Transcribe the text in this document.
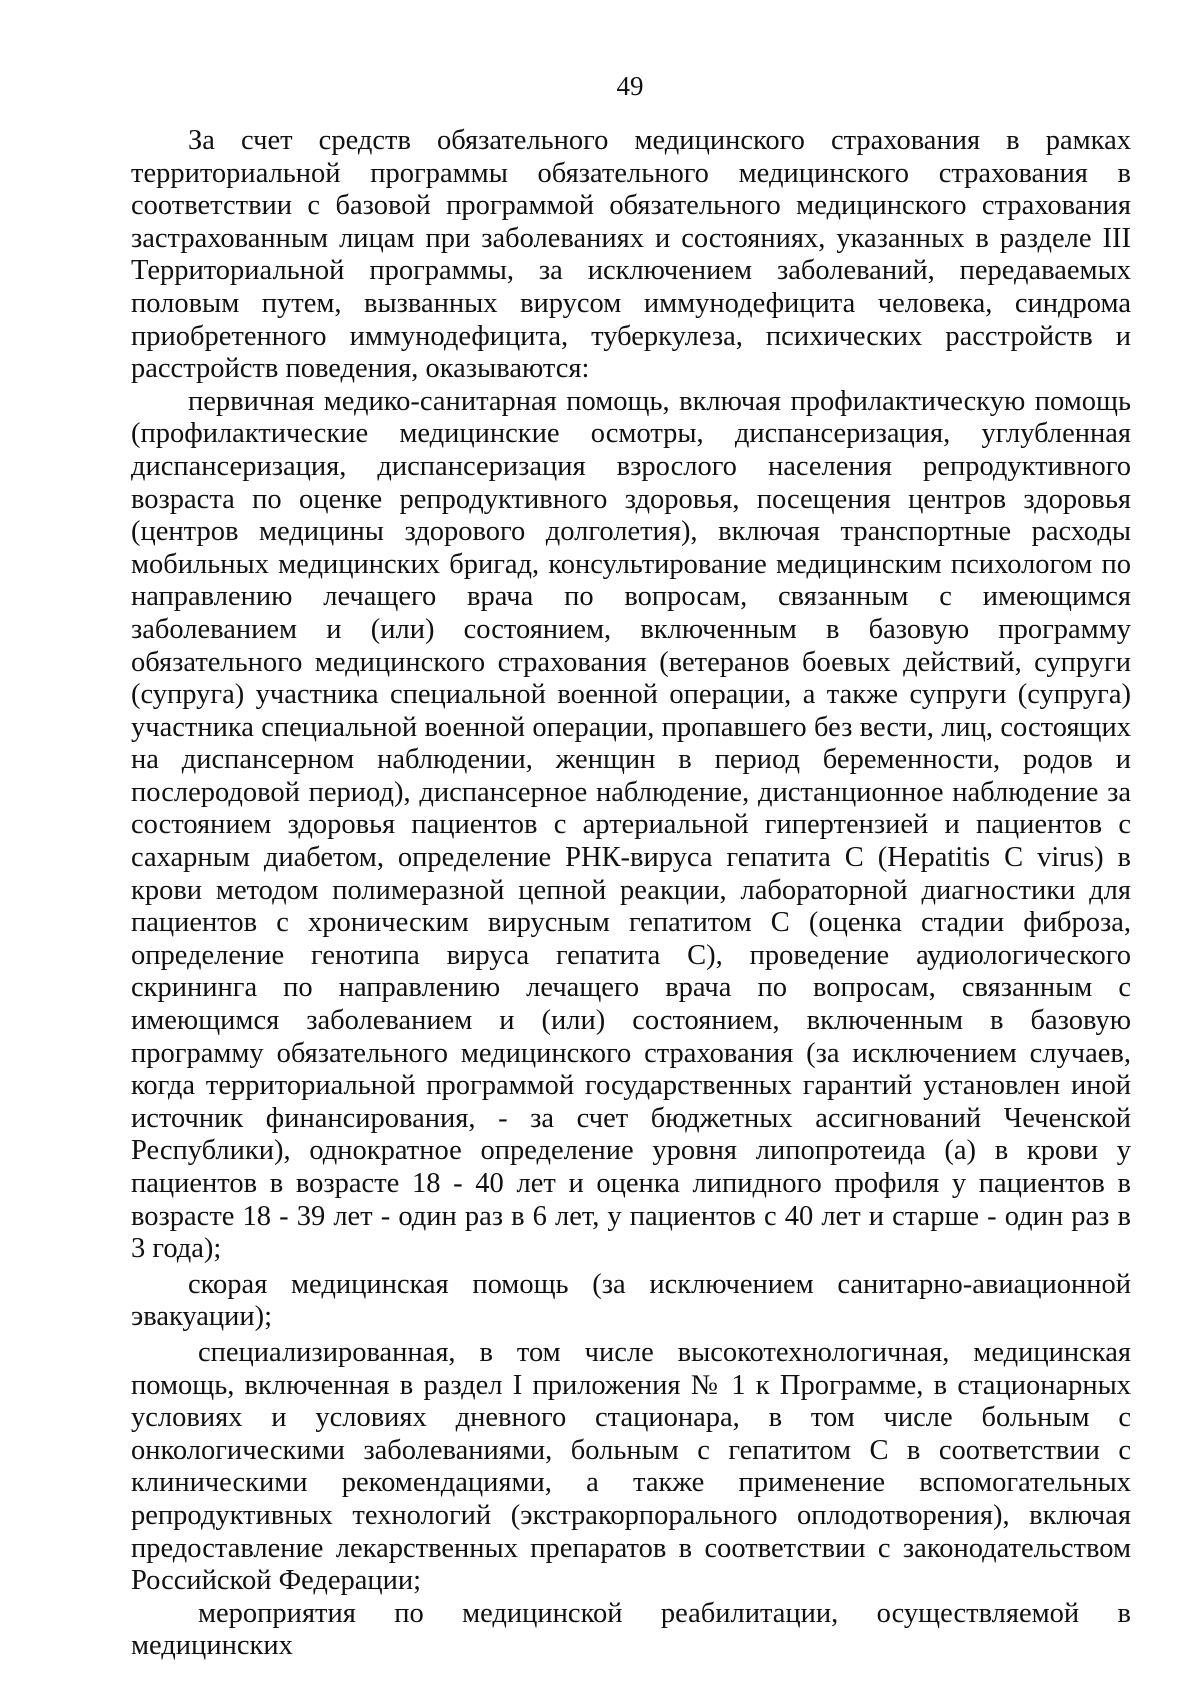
49

За счет средств обязательного медицинского страхования в рамках территориальной программы обязательного медицинского страхования в соответствии с базовой программой обязательного медицинского страхования застрахованным лицам при заболеваниях и состояниях, указанных в разделе III Территориальной программы, за исключением заболеваний, передаваемых половым путем, вызванных вирусом иммунодефицита человека, синдрома приобретенного иммунодефицита, туберкулеза, психических расстройств и расстройств поведения, оказываются:

первичная медико-санитарная помощь, включая профилактическую помощь (профилактические медицинские осмотры, диспансеризация, углубленная диспансеризация, диспансеризация взрослого населения репродуктивного возраста по оценке репродуктивного здоровья, посещения центров здоровья (центров медицины здорового долголетия), включая транспортные расходы мобильных медицинских бригад, консультирование медицинским психологом по направлению лечащего врача по вопросам, связанным с имеющимся заболеванием и (или) состоянием, включенным в базовую программу обязательного медицинского страхования (ветеранов боевых действий, супруги (супруга) участника специальной военной операции, а также супруги (супруга) участника специальной военной операции, пропавшего без вести, лиц, состоящих на диспансерном наблюдении, женщин в период беременности, родов и послеродовой период), диспансерное наблюдение, дистанционное наблюдение за состоянием здоровья пациентов с артериальной гипертензией и пациентов с сахарным диабетом, определение РНК-вируса гепатита С (Hepatitis C virus) в крови методом полимеразной цепной реакции, лабораторной диагностики для пациентов с хроническим вирусным гепатитом С (оценка стадии фиброза, определение генотипа вируса гепатита С), проведение аудиологического скрининга по направлению лечащего врача по вопросам, связанным с имеющимся заболеванием и (или) состоянием, включенным в базовую программу обязательного медицинского страхования (за исключением случаев, когда территориальной программой государственных гарантий установлен иной источник финансирования, - за счет бюджетных ассигнований Чеченской Республики), однократное определение уровня липопротеида (а) в крови у пациентов в возрасте 18 - 40 лет и оценка липидного профиля у пациентов в возрасте 18 - 39 лет - один раз в 6 лет, у пациентов с 40 лет и старше - один раз в 3 года);

скорая медицинская помощь (за исключением санитарно-авиационной эвакуации);

специализированная, в том числе высокотехнологичная, медицинская помощь, включенная в раздел I приложения № 1 к Программе, в стационарных условиях и условиях дневного стационара, в том числе больным с онкологическими заболеваниями, больным с гепатитом С в соответствии с клиническими рекомендациями, а также применение вспомогательных репродуктивных технологий (экстракорпорального оплодотворения), включая предоставление лекарственных препаратов в соответствии с законодательством Российской Федерации;

мероприятия по медицинской реабилитации, осуществляемой в медицинских
